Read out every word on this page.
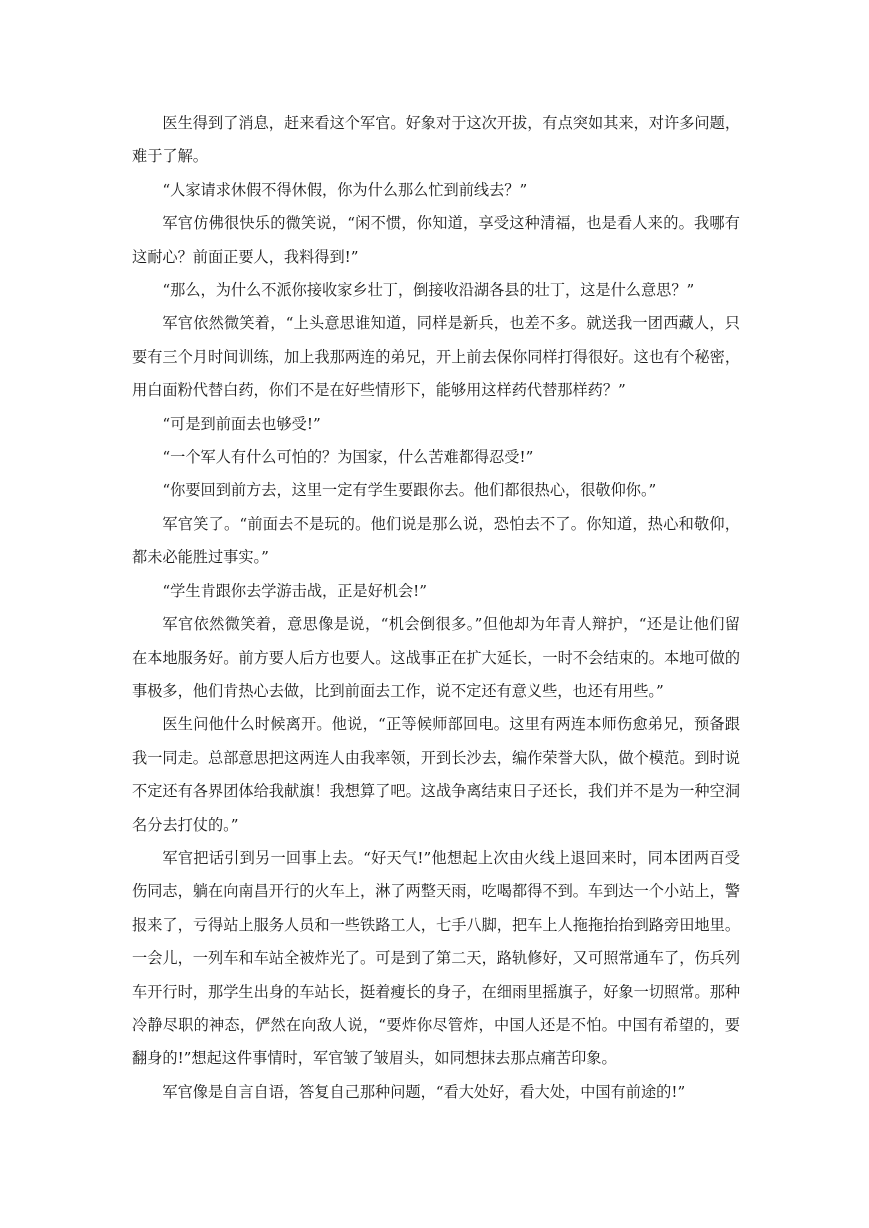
医生得到了消息，赶来看这个军官。好象对于这次开拔，有点突如其来，对许多问题，难于了解。

“人家请求休假不得休假，你为什么那么忙到前线去？”

军官仿佛很快乐的微笑说，“闲不惯，你知道，享受这种清福，也是看人来的。我哪有这耐心？前面正要人，我料得到!”

“那么，为什么不派你接收家乡壮丁，倒接收沿湖各县的壮丁，这是什么意思？”

军官依然微笑着，“上头意思谁知道，同样是新兵，也差不多。就送我一团西藏人，只要有三个月时间训练，加上我那两连的弟兄，开上前去保你同样打得很好。这也有个秘密，用白面粉代替白药，你们不是在好些情形下，能够用这样药代替那样药？”

“可是到前面去也够受!”

“一个军人有什么可怕的？为国家，什么苦难都得忍受!”

“你要回到前方去，这里一定有学生要跟你去。他们都很热心，很敬仰你。”

军官笑了。“前面去不是玩的。他们说是那么说，恐怕去不了。你知道，热心和敬仰，都未必能胜过事实。”

“学生肯跟你去学游击战，正是好机会!”

军官依然微笑着，意思像是说，“机会倒很多。”但他却为年青人辩护，“还是让他们留在本地服务好。前方要人后方也要人。这战事正在扩大延长，一时不会结束的。本地可做的事极多，他们肯热心去做，比到前面去工作，说不定还有意义些，也还有用些。”

医生问他什么时候离开。他说，“正等候师部回电。这里有两连本师伤愈弟兄，预备跟我一同走。总部意思把这两连人由我率领，开到长沙去，编作荣誉大队，做个模范。到时说不定还有各界团体给我献旗！我想算了吧。这战争离结束日子还长，我们并不是为一种空洞名分去打仗的。”

军官把话引到另一回事上去。“好天气!”他想起上次由火线上退回来时，同本团两百受伤同志，躺在向南昌开行的火车上，淋了两整天雨，吃喝都得不到。车到达一个小站上，警报来了，亏得站上服务人员和一些铁路工人，七手八脚，把车上人拖拖抬抬到路旁田地里。一会儿，一列车和车站全被炸光了。可是到了第二天，路轨修好，又可照常通车了，伤兵列车开行时，那学生出身的车站长，挺着瘦长的身子，在细雨里摇旗子，好象一切照常。那种冷静尽职的神态，俨然在向敌人说，“要炸你尽管炸，中国人还是不怕。中国有希望的，要翻身的!”想起这件事情时，军官皱了皱眉头，如同想抹去那点痛苦印象。

军官像是自言自语，答复自己那种问题，“看大处好，看大处，中国有前途的!”
